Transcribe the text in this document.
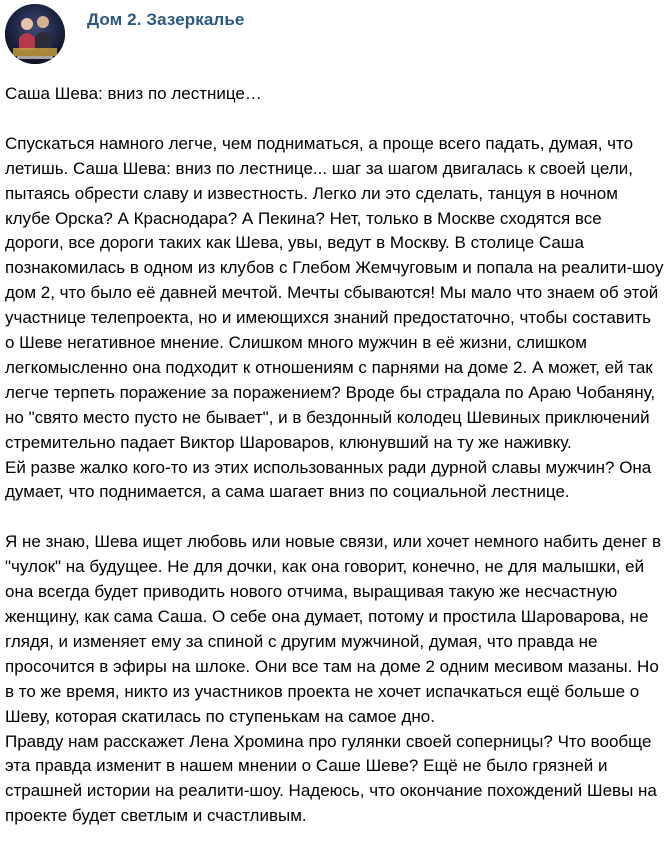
Дом 2. Зазеркалье

Саша Шева: вниз по лестнице…

Спускаться намного легче, чем подниматься, а проще всего падать, думая, что летишь. Саша Шева: вниз по лестнице... шаг за шагом двигалась к своей цели, пытаясь обрести славу и известность. Легко ли это сделать, танцуя в ночном клубе Орска? А Краснодара? А Пекина? Нет, только в Москве сходятся все дороги, все дороги таких как Шева, увы, ведут в Москву. В столице Саша познакомилась в одном из клубов с Глебом Жемчуговым и попала на реалити-шоу дом 2, что было её давней мечтой. Мечты сбываются! Мы мало что знаем об этой участнице телепроекта, но и имеющихся знаний предостаточно, чтобы составить о Шеве негативное мнение. Слишком много мужчин в её жизни, слишком легкомысленно она подходит к отношениям с парнями на доме 2. А может, ей так легче терпеть поражение за поражением? Вроде бы страдала по Араю Чобаняну, но "свято место пусто не бывает", и в бездонный колодец Шевиных приключений стремительно падает Виктор Шароваров, клюнувший на ту же наживку.

Ей разве жалко кого-то из этих использованных ради дурной славы мужчин? Она думает, что поднимается, а сама шагает вниз по социальной лестнице.

Я не знаю, Шева ищет любовь или новые связи, или хочет немного набить денег в "чулок" на будущее. Не для дочки, как она говорит, конечно, не для малышки, ей она всегда будет приводить нового отчима, выращивая такую же несчастную женщину, как сама Саша. О себе она думает, потому и простила Шароварова, не глядя, и изменяет ему за спиной с другим мужчиной, думая, что правда не просочится в эфиры на шлоке. Они все там на доме 2 одним месивом мазаны. Но в то же время, никто из участников проекта не хочет испачкаться ещё больше о Шеву, которая скатилась по ступенькам на самое дно.

Правду нам расскажет Лена Хромина про гулянки своей соперницы? Что вообще эта правда изменит в нашем мнении о Саше Шеве? Ещё не было грязней и страшней истории на реалити-шоу. Надеюсь, что окончание похождений Шевы на проекте будет светлым и счастливым.
